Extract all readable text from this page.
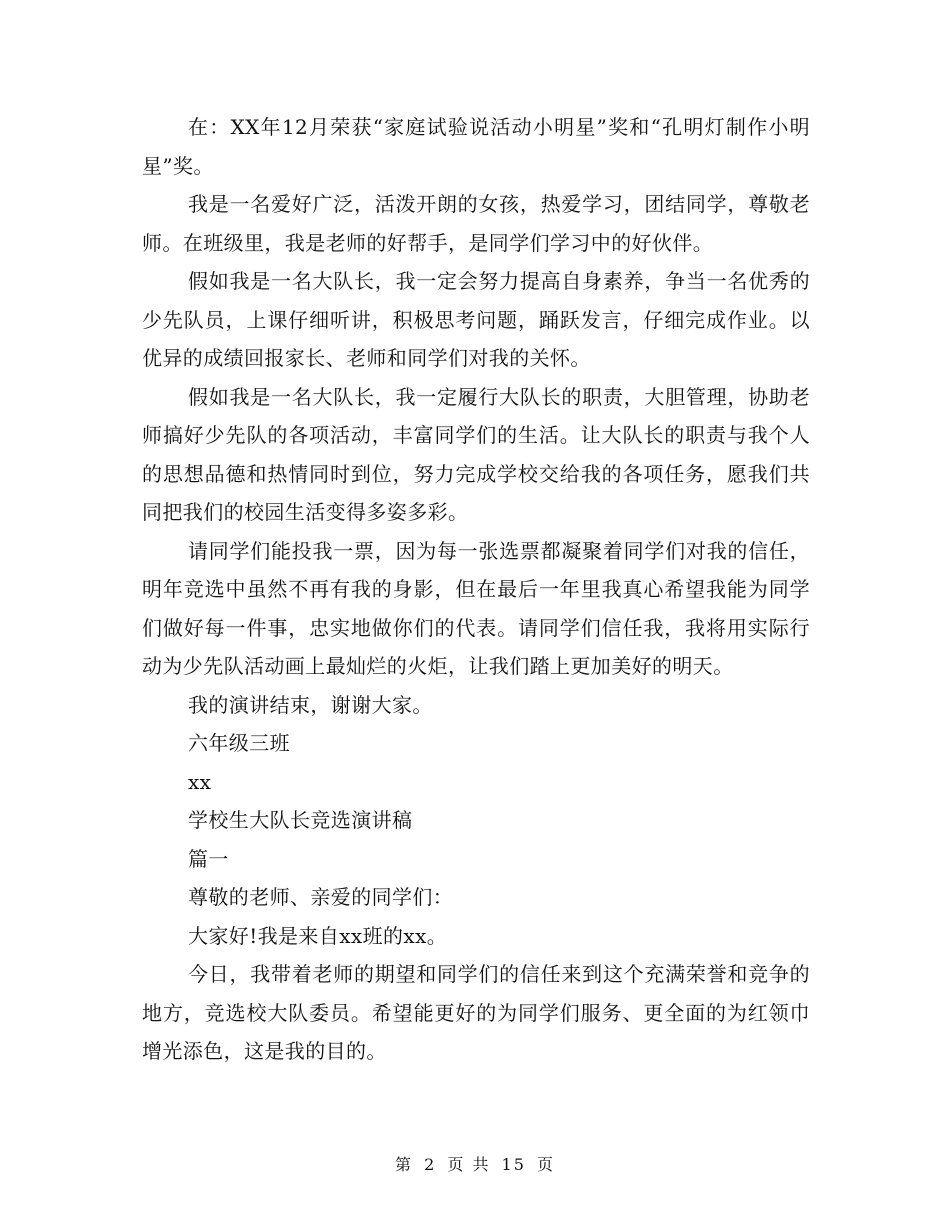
在：XX年12月荣获“家庭试验说活动小明星”奖和“孔明灯制作小明星”奖。

我是一名爱好广泛，活泼开朗的女孩，热爱学习，团结同学，尊敬老师。在班级里，我是老师的好帮手，是同学们学习中的好伙伴。

假如我是一名大队长，我一定会努力提高自身素养，争当一名优秀的少先队员，上课仔细听讲，积极思考问题，踊跃发言，仔细完成作业。以优异的成绩回报家长、老师和同学们对我的关怀。

假如我是一名大队长，我一定履行大队长的职责，大胆管理，协助老师搞好少先队的各项活动，丰富同学们的生活。让大队长的职责与我个人的思想品德和热情同时到位，努力完成学校交给我的各项任务，愿我们共同把我们的校园生活变得多姿多彩。

请同学们能投我一票，因为每一张选票都凝聚着同学们对我的信任，明年竞选中虽然不再有我的身影，但在最后一年里我真心希望我能为同学们做好每一件事，忠实地做你们的代表。请同学们信任我，我将用实际行动为少先队活动画上最灿烂的火炬，让我们踏上更加美好的明天。

我的演讲结束，谢谢大家。

六年级三班

xx

学校生大队长竞选演讲稿

篇一

尊敬的老师、亲爱的同学们：

大家好!我是来自xx班的xx。

今日，我带着老师的期望和同学们的信任来到这个充满荣誉和竞争的地方，竞选校大队委员。希望能更好的为同学们服务、更全面的为红领巾增光添色，这是我的目的。

第 2 页 共 15 页
